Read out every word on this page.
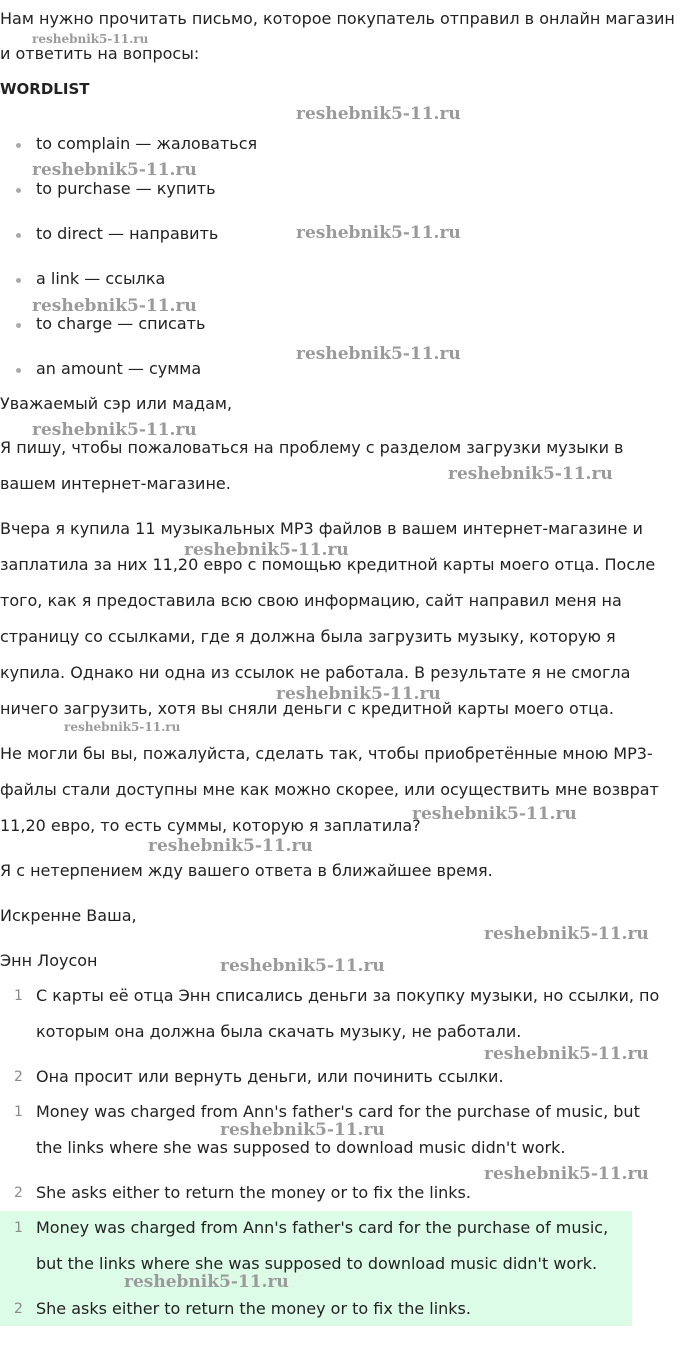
Нам нужно прочитать письмо, которое покупатель отправил в онлайн магазин
и ответить на вопросы:
WORDLIST
to complain — жаловаться
to purchase — купить
to direct — направить
a link — ссылка
to charge — списать
an amount — сумма
Уважаемый сэр или мадам,
Я пишу, чтобы пожаловаться на проблему с разделом загрузки музыки в
вашем интернет-магазине.
Вчера я купила 11 музыкальных MP3 файлов в вашем интернет-магазине и
заплатила за них 11,20 евро с помощью кредитной карты моего отца. После
того, как я предоставила всю свою информацию, сайт направил меня на
страницу со ссылками, где я должна была загрузить музыку, которую я
купила. Однако ни одна из ссылок не работала. В результате я не смогла
ничего загрузить, хотя вы сняли деньги с кредитной карты моего отца.
Не могли бы вы, пожалуйста, сделать так, чтобы приобретённые мною MP3-
файлы стали доступны мне как можно скорее, или осуществить мне возврат
11,20 евро, то есть суммы, которую я заплатила?
Я с нетерпением жду вашего ответа в ближайшее время.
Искренне Ваша,
Энн Лоусон
1 С карты её отца Энн списались деньги за покупку музыки, но ссылки, по
которым она должна была скачать музыку, не работали.
2 Она просит или вернуть деньги, или починить ссылки.
1 Money was charged from Ann's father's card for the purchase of music, but
the links where she was supposed to download music didn't work.
2 She asks either to return the money or to fix the links.
1 Money was charged from Ann's father's card for the purchase of music,
but the links where she was supposed to download music didn't work.
2 She asks either to return the money or to fix the links.
reshebnik5-11.ru
reshebnik5-11.ru
reshebnik5-11.ru
reshebnik5-11.ru
reshebnik5-11.ru
reshebnik5-11.ru
reshebnik5-11.ru
reshebnik5-11.ru
reshebnik5-11.ru
reshebnik5-11.ru
reshebnik5-11.ru
reshebnik5-11.ru
reshebnik5-11.ru
reshebnik5-11.ru
reshebnik5-11.ru
reshebnik5-11.ru
reshebnik5-11.ru
reshebnik5-11.ru
reshebnik5-11.ru
